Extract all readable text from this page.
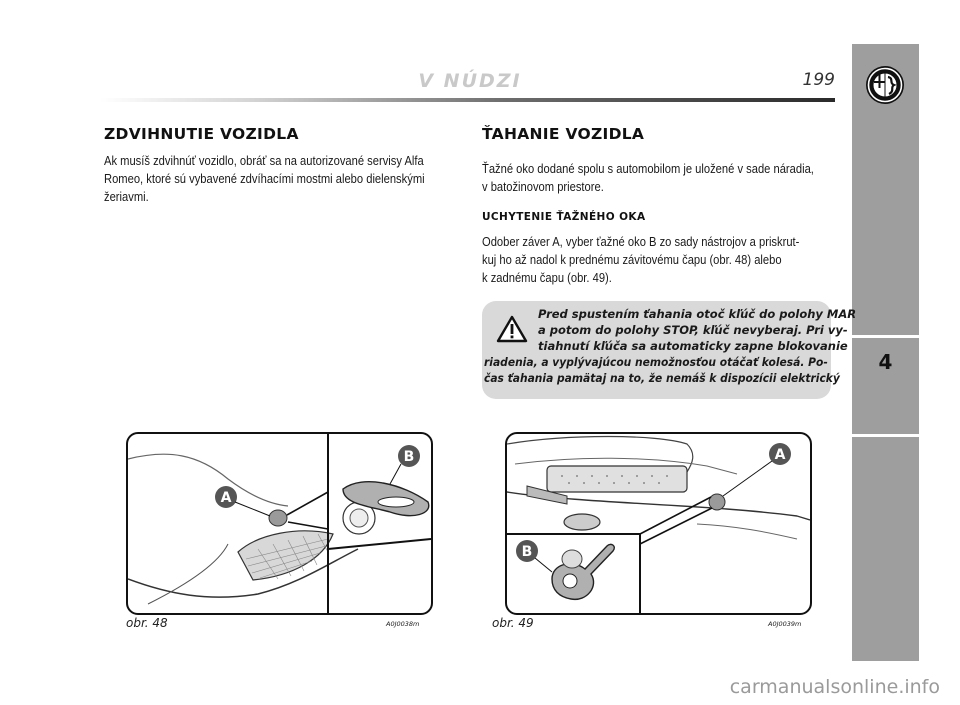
V NÚDZI	199
4
ZDVIHNUTIE VOZIDLA
Ak musíš zdvihnúť vozidlo, obráť sa na autorizované servisy Alfa
Romeo, ktoré sú vybavené zdvíhacími mostmi alebo dielenskými
žeriavmi.
ŤAHANIE VOZIDLA
Ťažné oko dodané spolu s automobilom je uložené v sade náradia,
v batožinovom priestore.
UCHYTENIE ŤAŽNÉHO OKA
Odober záver A, vyber ťažné oko B zo sady nástrojov a priskrut-
kuj ho až nadol k prednému závitovému čapu (obr. 48) alebo
k zadnému čapu (obr. 49).
Pred spustením ťahania otoč kľúč do polohy MAR
a potom do polohy STOP, kľúč nevyberaj. Pri vy-
tiahnutí kľúča sa automaticky zapne blokovanie
riadenia, a vyplývajúcou nemožnosťou otáčať kolesá. Po-
čas ťahania pamätaj na to, že nemáš k dispozícii elektrický
A
B
obr. 48	A0J0038m
B
A
obr. 49	A0J0039m
carmanualsonline.info
